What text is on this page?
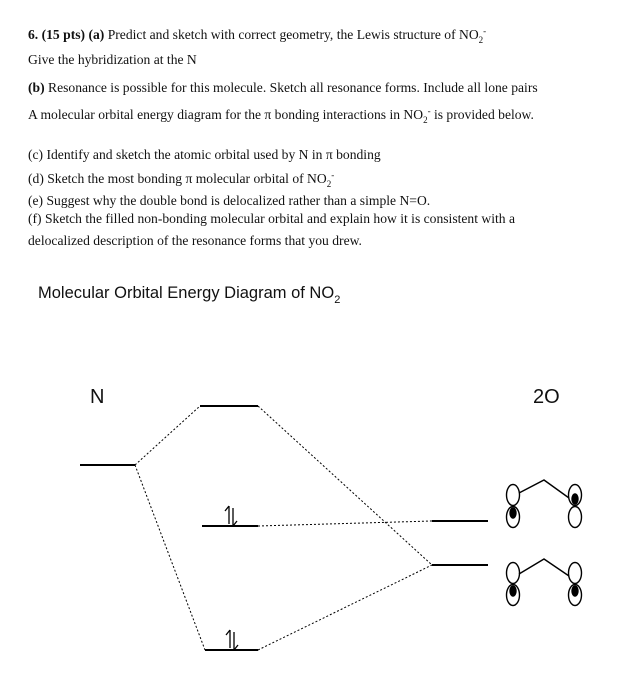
6. (15 pts) (a) Predict and sketch with correct geometry, the Lewis structure of $NO_2^-$
Give the hybridization at the N
(b) Resonance is possible for this molecule. Sketch all resonance forms. Include all lone pairs
A molecular orbital energy diagram for the π bonding interactions in $NO_2^-$ is provided below.
(c) Identify and sketch the atomic orbital used by N in π bonding
(d) Sketch the most bonding π molecular orbital of $NO_2^-$
(e) Suggest why the double bond is delocalized rather than a simple N=O.
(f) Sketch the filled non-bonding molecular orbital and explain how it is consistent with a
delocalized description of the resonance forms that you drew.
Molecular Orbital Energy Diagram of $NO_2$
N	2O
